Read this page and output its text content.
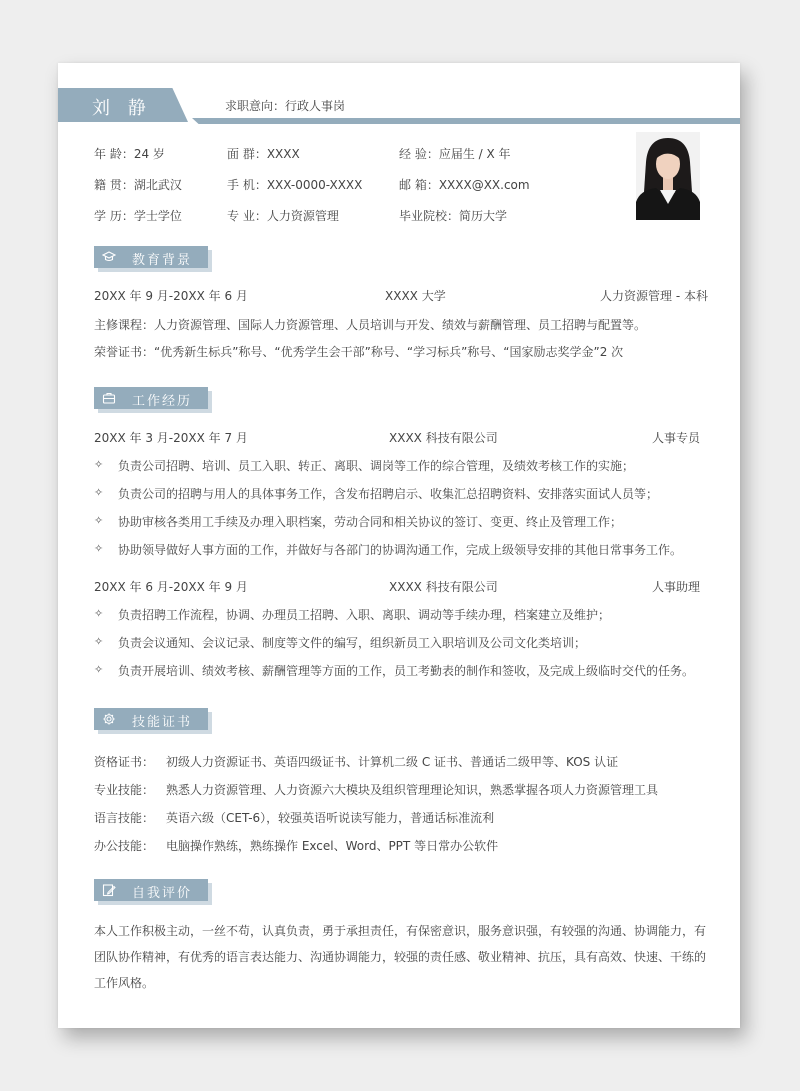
刘 静	求职意向：行政人事岗
年 龄：24 岁	面 群：XXXX	经 验：应届生 / X 年
籍 贯：湖北武汉	手 机：XXX-0000-XXXX	邮 箱：XXXX@XX.com
学 历：学士学位	专 业：人力资源管理	毕业院校：简历大学
教育背景
20XX 年 9 月-20XX 年 6 月	XXXX 大学	人力资源管理 - 本科
主修课程：人力资源管理、国际人力资源管理、人员培训与开发、绩效与薪酬管理、员工招聘与配置等。
荣誉证书：“优秀新生标兵”称号、“优秀学生会干部”称号、“学习标兵”称号、“国家励志奖学金”2 次
工作经历
20XX 年 3 月-20XX 年 7 月	XXXX 科技有限公司	人事专员
✧ 负责公司招聘、培训、员工入职、转正、离职、调岗等工作的综合管理，及绩效考核工作的实施；
✧ 负责公司的招聘与用人的具体事务工作，含发布招聘启示、收集汇总招聘资料、安排落实面试人员等；
✧ 协助审核各类用工手续及办理入职档案，劳动合同和相关协议的签订、变更、终止及管理工作；
✧ 协助领导做好人事方面的工作，并做好与各部门的协调沟通工作，完成上级领导安排的其他日常事务工作。
20XX 年 6 月-20XX 年 9 月	XXXX 科技有限公司	人事助理
✧ 负责招聘工作流程，协调、办理员工招聘、入职、离职、调动等手续办理，档案建立及维护；
✧ 负责会议通知、会议记录、制度等文件的编写，组织新员工入职培训及公司文化类培训；
✧ 负责开展培训、绩效考核、薪酬管理等方面的工作，员工考勤表的制作和签收，及完成上级临时交代的任务。
技能证书
资格证书： 初级人力资源证书、英语四级证书、计算机二级 C 证书、普通话二级甲等、KOS 认证
专业技能： 熟悉人力资源管理、人力资源六大模块及组织管理理论知识，熟悉掌握各项人力资源管理工具
语言技能： 英语六级（CET-6），较强英语听说读写能力，普通话标准流利
办公技能： 电脑操作熟练，熟练操作 Excel、Word、PPT 等日常办公软件
自我评价
本人工作积极主动，一丝不苟，认真负责，勇于承担责任，有保密意识，服务意识强，有较强的沟通、协调能力，有团队协作精神，有优秀的语言表达能力、沟通协调能力，较强的责任感、敬业精神、抗压，具有高效、快速、干练的工作风格。
